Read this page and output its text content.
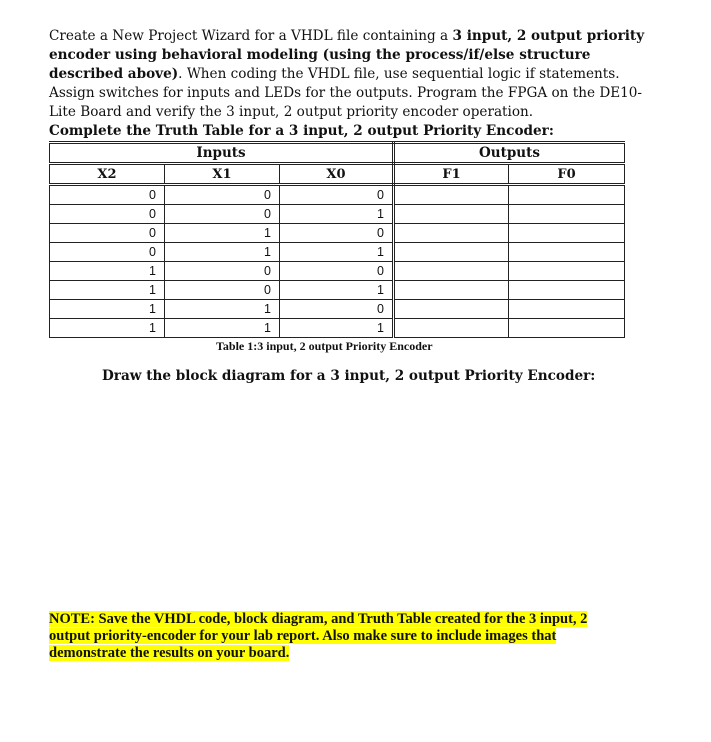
Create a New Project Wizard for a VHDL file containing a 3 input, 2 output priority encoder using behavioral modeling (using the process/if/else structure described above). When coding the VHDL file, use sequential logic if statements. Assign switches for inputs and LEDs for the outputs. Program the FPGA on the DE10-Lite Board and verify the 3 input, 2 output priority encoder operation.
Complete the Truth Table for a 3 input, 2 output Priority Encoder:
Inputs			Outputs	
X2	X1	X0	F1	F0
0	0	0		
0	0	1		
0	1	0		
0	1	1		
1	0	0		
1	0	1		
1	1	0		
1	1	1		
Table 1:3 input, 2 output Priority Encoder
Draw the block diagram for a 3 input, 2 output Priority Encoder:
NOTE: Save the VHDL code, block diagram, and Truth Table created for the 3 input, 2 output priority-encoder for your lab report. Also make sure to include images that demonstrate the results on your board.
